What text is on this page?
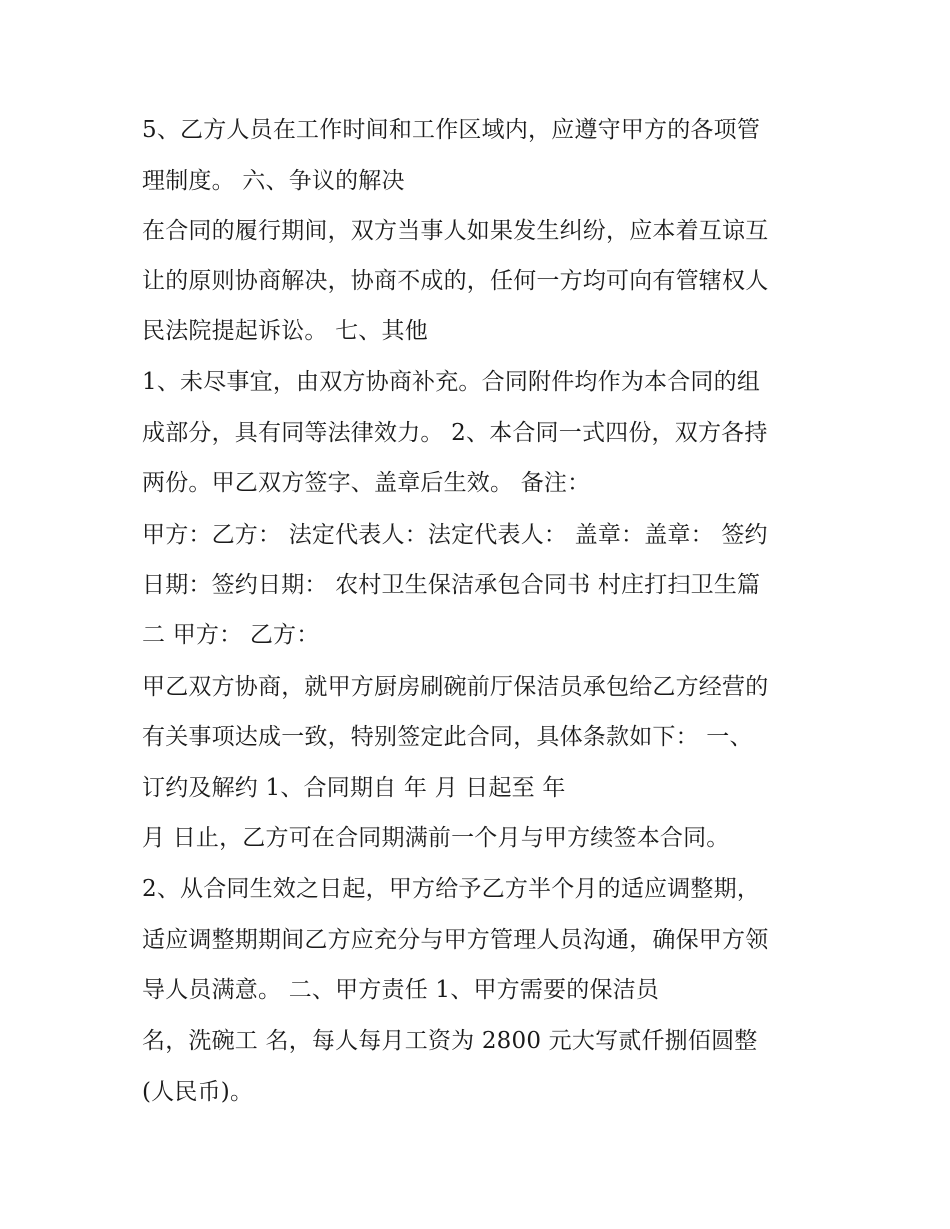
5、乙方人员在工作时间和工作区域内，应遵守甲方的各项管
理制度。 六、争议的解决
在合同的履行期间，双方当事人如果发生纠纷，应本着互谅互
让的原则协商解决，协商不成的，任何一方均可向有管辖权人
民法院提起诉讼。 七、其他
1、未尽事宜，由双方协商补充。合同附件均作为本合同的组
成部分，具有同等法律效力。 2、本合同一式四份，双方各持
两份。甲乙双方签字、盖章后生效。 备注：
甲方：乙方： 法定代表人：法定代表人： 盖章：盖章： 签约
日期：签约日期： 农村卫生保洁承包合同书 村庄打扫卫生篇
二 甲方： 乙方：
甲乙双方协商，就甲方厨房刷碗前厅保洁员承包给乙方经营的
有关事项达成一致，特别签定此合同，具体条款如下： 一、
订约及解约 1、合同期自 年 月 日起至 年
月 日止，乙方可在合同期满前一个月与甲方续签本合同。
2、从合同生效之日起，甲方给予乙方半个月的适应调整期，
适应调整期期间乙方应充分与甲方管理人员沟通，确保甲方领
导人员满意。 二、甲方责任 1、甲方需要的保洁员
名，洗碗工 名，每人每月工资为 2800 元大写贰仟捌佰圆整
(人民币)。
